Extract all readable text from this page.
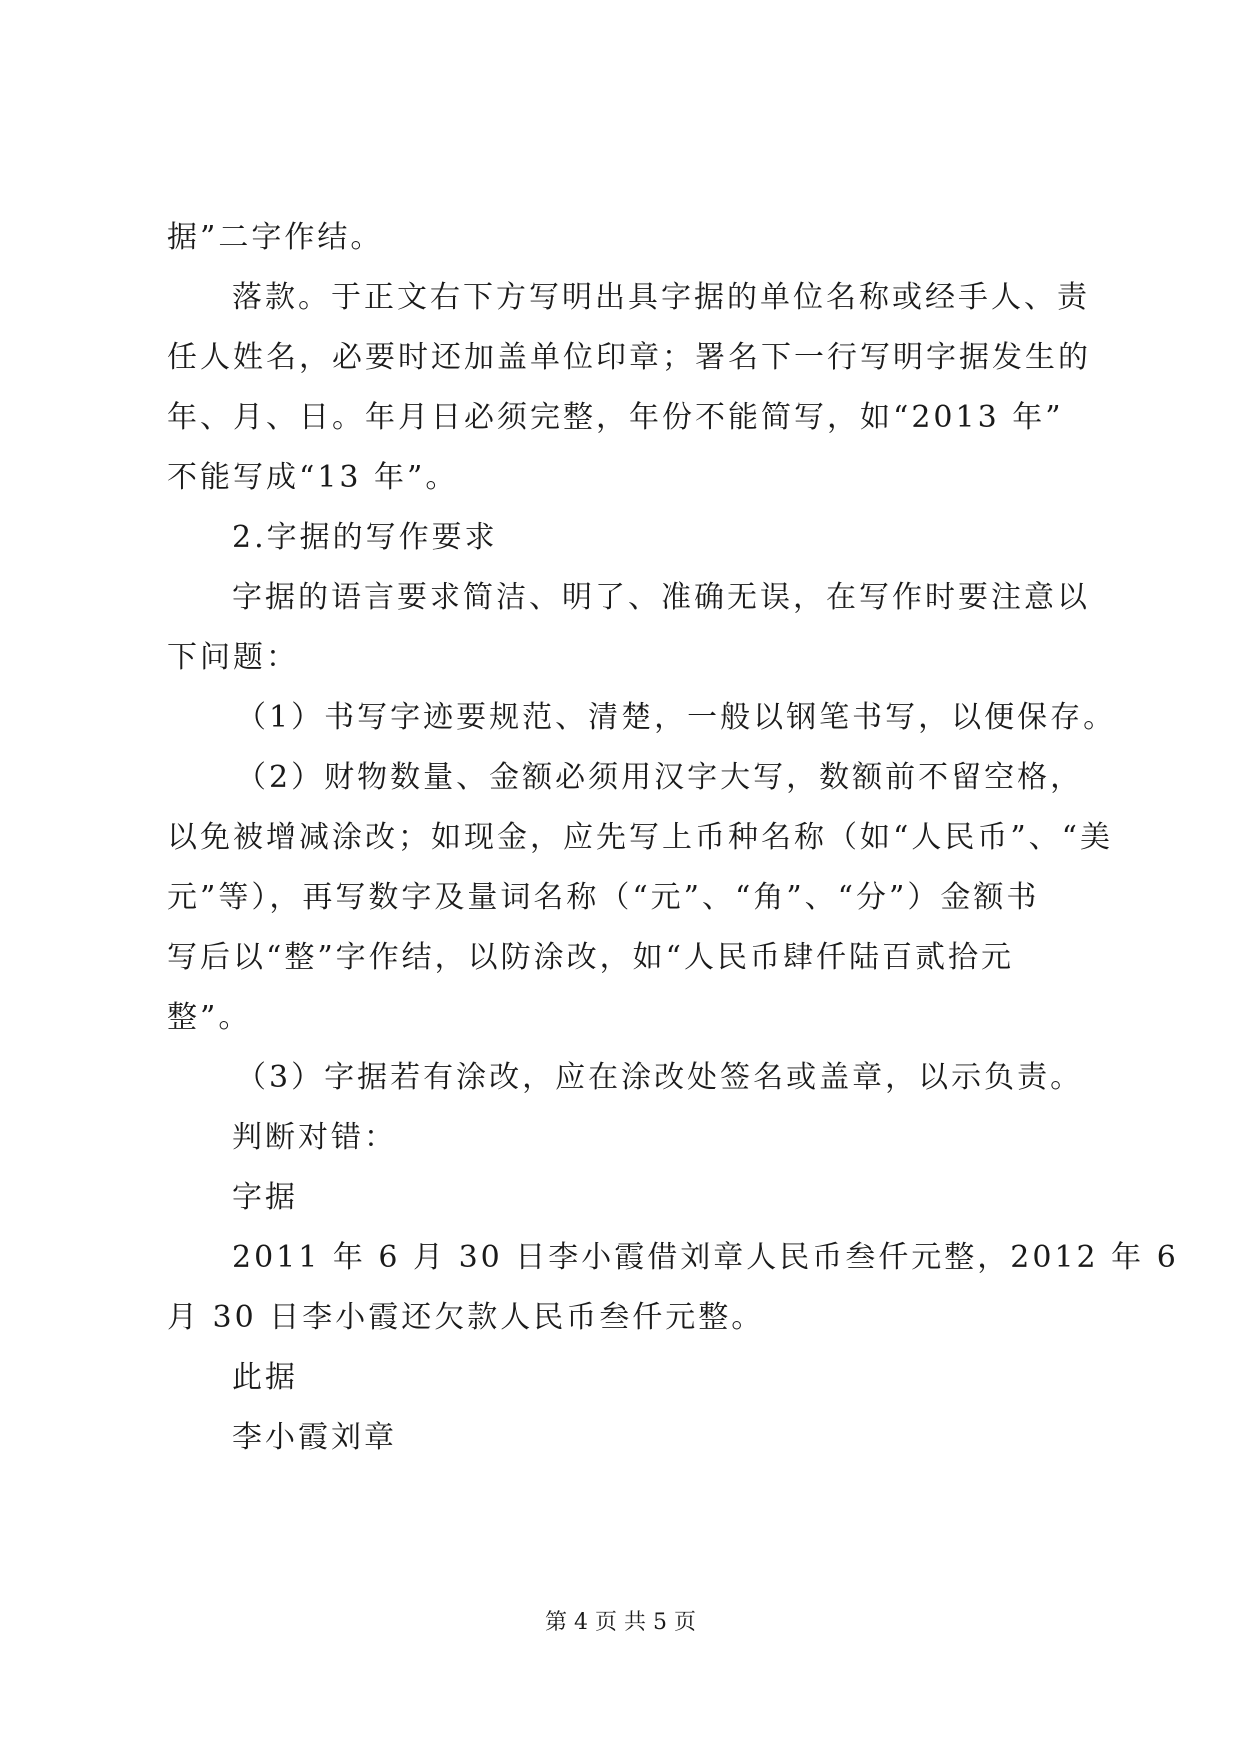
据”二字作结。
落款。于正文右下方写明出具字据的单位名称或经手人、责
任人姓名，必要时还加盖单位印章；署名下一行写明字据发生的
年、月、日。年月日必须完整，年份不能简写，如“2013 年”
不能写成“13 年”。
2.字据的写作要求
字据的语言要求简洁、明了、准确无误，在写作时要注意以
下问题：
（1）书写字迹要规范、清楚，一般以钢笔书写，以便保存。
（2）财物数量、金额必须用汉字大写，数额前不留空格，
以免被增减涂改；如现金，应先写上币种名称（如“人民币”、“美
元”等），再写数字及量词名称（“元”、“角”、“分”）金额书
写后以“整”字作结，以防涂改，如“人民币肆仟陆百贰拾元
整”。
（3）字据若有涂改，应在涂改处签名或盖章，以示负责。
判断对错：
字据
2011 年 6 月 30 日李小霞借刘章人民币叁仟元整，2012 年 6
月 30 日李小霞还欠款人民币叁仟元整。
此据
李小霞刘章
第 4 页 共 5 页
